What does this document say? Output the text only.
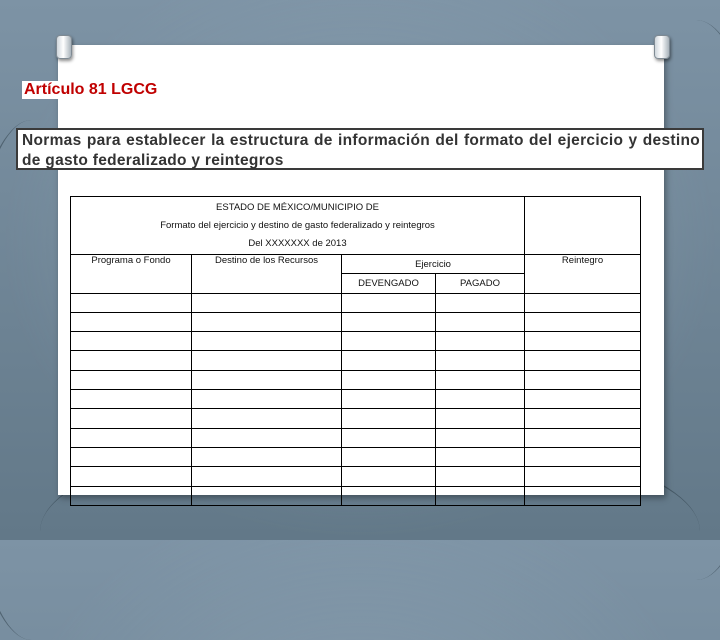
Artículo 81 LGCG
Normas para establecer la estructura de información del formato del ejercicio y destino de gasto federalizado y reintegros
ESTADO DE MÉXICO/MUNICIPIO DE
Formato del ejercicio y destino de gasto federalizado y reintegros
Del XXXXXXX de 2013				

Programa o Fondo	Destino de los Recursos	Ejercicio		Reintegro
		DEVENGADO	PAGADO	
